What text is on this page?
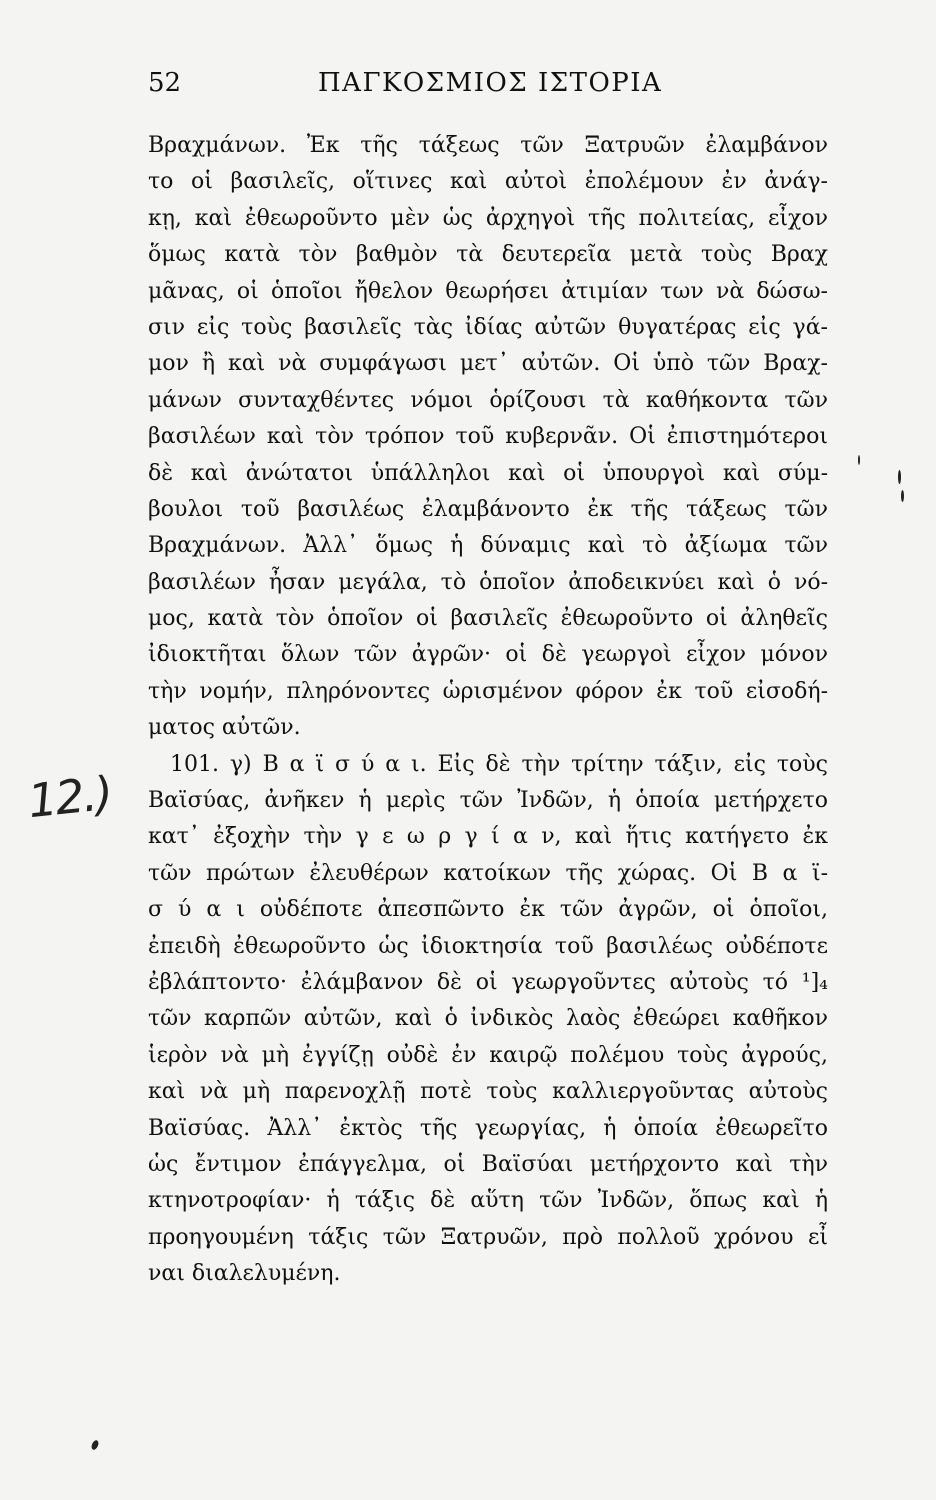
52	ΠΑΓΚΟΣΜΙΟΣ ΙΣΤΟΡΙΑ
Βραχμάνων. Ἐκ τῆς τάξεως τῶν Ξατρυῶν ἐλαμβάνον
το οἱ βασιλεῖς, οἵτινες καὶ αὐτοὶ ἐπολέμουν ἐν ἀνάγ-
κῃ, καὶ ἐθεωροῦντο μὲν ὡς ἀρχηγοὶ τῆς πολιτείας, εἶχον
ὅμως κατὰ τὸν βαθμὸν τὰ δευτερεῖα μετὰ τοὺς Βραχ
μᾶνας, οἱ ὁποῖοι ἤθελον θεωρήσει ἀτιμίαν των νὰ δώσω-
σιν εἰς τοὺς βασιλεῖς τὰς ἰδίας αὐτῶν θυγατέρας εἰς γά-
μον ἢ καὶ νὰ συμφάγωσι μετ᾽ αὐτῶν. Οἱ ὑπὸ τῶν Βραχ-
μάνων συνταχθέντες νόμοι ὁρίζουσι τὰ καθήκοντα τῶν
βασιλέων καὶ τὸν τρόπον τοῦ κυβερνᾶν. Οἱ ἐπιστημότεροι
δὲ καὶ ἀνώτατοι ὑπάλληλοι καὶ οἱ ὑπουργοὶ καὶ σύμ-
βουλοι τοῦ βασιλέως ἐλαμβάνοντο ἐκ τῆς τάξεως τῶν
Βραχμάνων. Ἀλλ᾽ ὅμως ἡ δύναμις καὶ τὸ ἀξίωμα τῶν
βασιλέων ἦσαν μεγάλα, τὸ ὁποῖον ἀποδεικνύει καὶ ὁ νό-
μος, κατὰ τὸν ὁποῖον οἱ βασιλεῖς ἐθεωροῦντο οἱ ἀληθεῖς
ἰδιοκτῆται ὅλων τῶν ἀγρῶν· οἱ δὲ γεωργοὶ εἶχον μόνον
τὴν νομήν, πληρόνοντες ὡρισμένον φόρον ἐκ τοῦ εἰσοδή-
ματος αὐτῶν.
101. γ) Β α ϊ σ ύ α ι. Εἰς δὲ τὴν τρίτην τάξιν, εἰς τοὺς
Βαϊσύας, ἀνῆκεν ἡ μερὶς τῶν Ἰνδῶν, ἡ ὁποία μετήρχετο
κατ᾽ ἐξοχὴν τὴν γ ε ω ρ γ ί α ν, καὶ ἥτις κατήγετο ἐκ
τῶν πρώτων ἐλευθέρων κατοίκων τῆς χώρας. Οἱ Β α ϊ-
σ ύ α ι οὐδέποτε ἀπεσπῶντο ἐκ τῶν ἀγρῶν, οἱ ὁποῖοι,
ἐπειδὴ ἐθεωροῦντο ὡς ἰδιοκτησία τοῦ βασιλέως οὐδέποτε
ἐβλάπτοντο· ἐλάμβανον δὲ οἱ γεωργοῦντες αὐτοὺς τό ¹]₄
τῶν καρπῶν αὐτῶν, καὶ ὁ ἰνδικὸς λαὸς ἐθεώρει καθῆκον
ἱερὸν νὰ μὴ ἐγγίζῃ οὐδὲ ἐν καιρῷ πολέμου τοὺς ἀγρούς,
καὶ νὰ μὴ παρενοχλῇ ποτὲ τοὺς καλλιεργοῦντας αὐτοὺς
Βαϊσύας. Ἀλλ᾽ ἐκτὸς τῆς γεωργίας, ἡ ὁποία ἐθεωρεῖτο
ὡς ἔντιμον ἐπάγγελμα, οἱ Βαϊσύαι μετήρχοντο καὶ τὴν
κτηνοτροφίαν· ἡ τάξις δὲ αὕτη τῶν Ἰνδῶν, ὅπως καὶ ἡ
προηγουμένη τάξις τῶν Ξατρυῶν, πρὸ πολλοῦ χρόνου εἶ
ναι διαλελυμένη.
12.)
